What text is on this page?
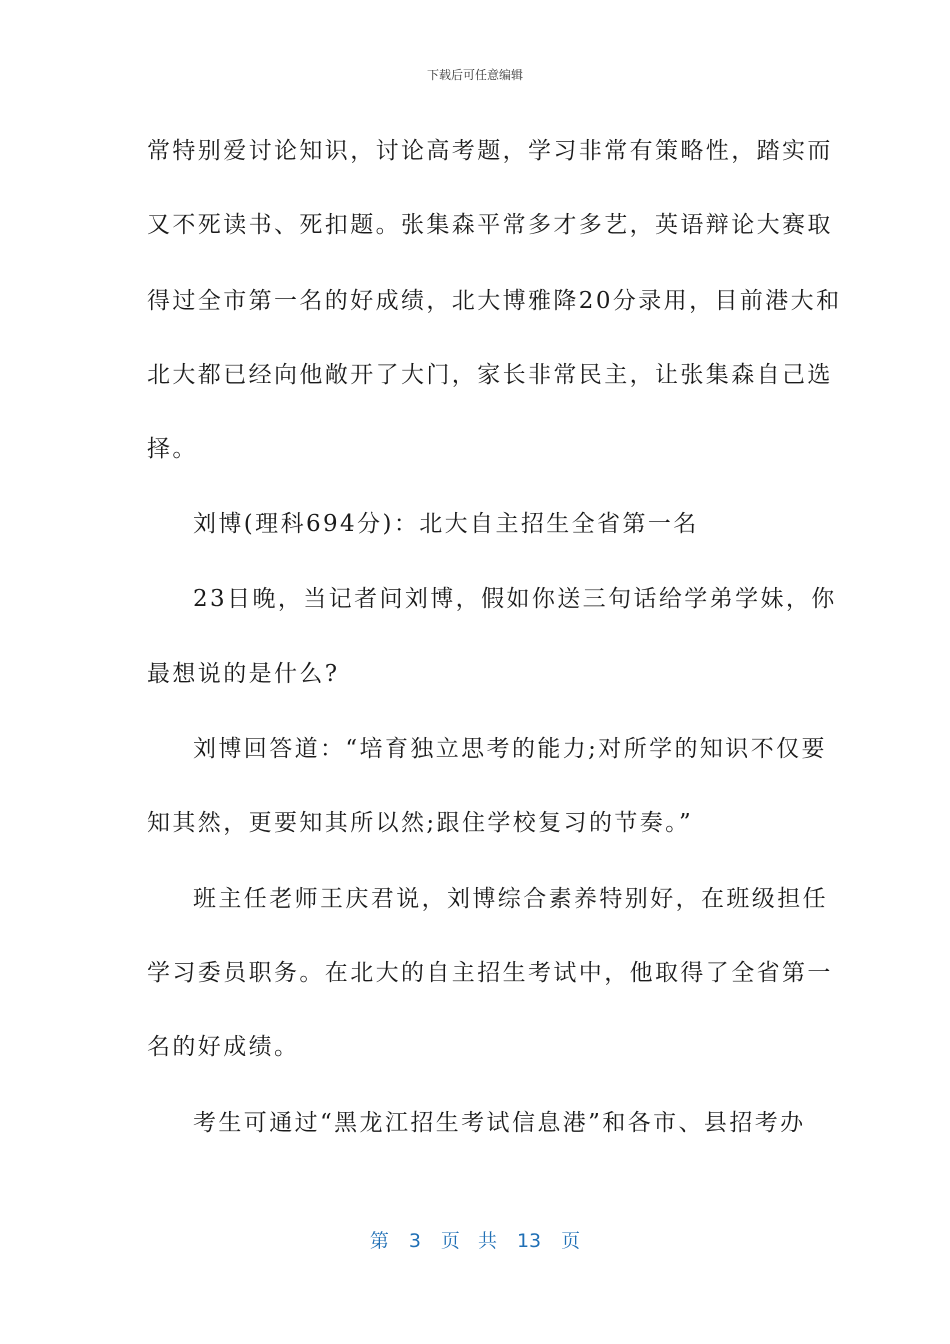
下载后可任意编辑
常特别爱讨论知识，讨论高考题，学习非常有策略性，踏实而
又不死读书、死扣题。张集森平常多才多艺，英语辩论大赛取
得过全市第一名的好成绩，北大博雅降20分录用，目前港大和
北大都已经向他敞开了大门，家长非常民主，让张集森自己选
择。
刘博(理科694分)：北大自主招生全省第一名
23日晚，当记者问刘博，假如你送三句话给学弟学妹，你
最想说的是什么?
刘博回答道：“培育独立思考的能力;对所学的知识不仅要
知其然，更要知其所以然;跟住学校复习的节奏。”
班主任老师王庆君说，刘博综合素养特别好，在班级担任
学习委员职务。在北大的自主招生考试中，他取得了全省第一
名的好成绩。
考生可通过“黑龙江招生考试信息港”和各市、县招考办
第 3 页 共 13 页
